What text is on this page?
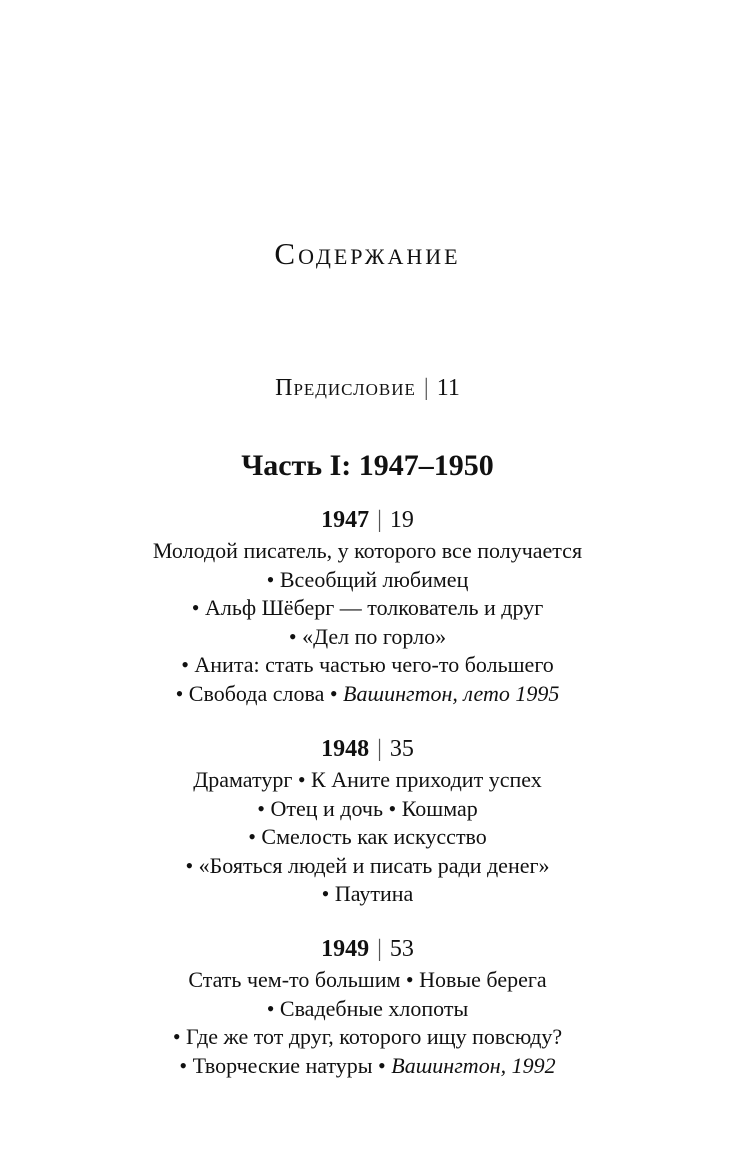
Содержание
Предисловие | 11
Часть I: 1947–1950
1947 | 19
Молодой писатель, у которого все получается
• Всеобщий любимец
• Альф Шёберг — толкователь и друг
• «Дел по горло»
• Анита: стать частью чего-то большего
• Свобода слова • Вашингтон, лето 1995
1948 | 35
Драматург • К Аните приходит успех
• Отец и дочь • Кошмар
• Смелость как искусство
• «Бояться людей и писать ради денег»
• Паутина
1949 | 53
Стать чем-то большим • Новые берега
• Свадебные хлопоты
• Где же тот друг, которого ищу повсюду?
• Творческие натуры • Вашингтон, 1992
